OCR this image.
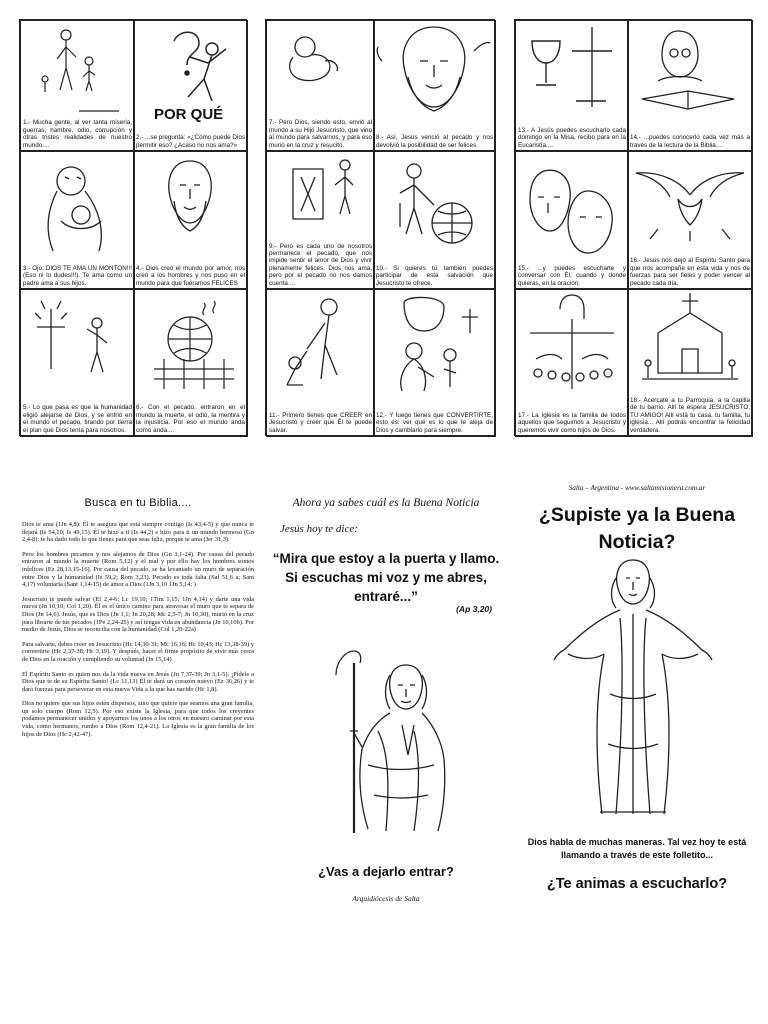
1.- Mucha gente, al ver tanta miseria, guerras, hambre, odio, corrupción y otras tristes realidades de nuestro mundo....
POR QUÉ
2.- ...se pregunta: «¿Cómo puede Dios permitir eso? ¿Acaso no nos ama?»
3.- Ojo: DIOS TE AMA UN MONTON!!! (Eso ni lo dudes!!!). Te ama como un padre ama a sus hijos.
4.- Dios creó el mundo por amor, nos creó a los hombres y nos puso en el mundo para que fuéramos FELICES
5.- Lo que pasa es que la humanidad eligió alejarse de Dios, y se enfrió en el mundo el pecado, tirando por tierra el plan que Dios tenía para nosotros.
6.- Con el pecado, entraron en el mundo la muerte, el odio, la mentira y la injusticia. Por eso el mundo anda como anda....
7.- Pero Dios, siendo esto, envió al mundo a su Hijo Jesucristo, que vino al mundo para salvarnos, y para eso murió en la cruz y resucitó.
8.- Así, Jesús venció al pecado y nos devolvió la posibilidad de ser felices.
9.- Pero es cada uno de nosotros permanece el pecado, que nos impide sentir el amor de Dios y vivir plenamente felices. Dios nos ama, pero por el pecado no nos damos cuenta....
10.- Si quieres tú también puedes participar de esta salvación que Jesucristo te ofrece.
11.- Primero tienes que CREER en Jesucristo y creer que Él te puede salvar.
12.- Y luego tienes que CONVERTIRTE, esto es: ver qué es lo que te aleja de Dios y cambiarlo para siempre.
13.- A Jesús puedes escucharlo cada domingo en la Misa, recibo para en la Eucaristía....
14.- ...puedes conocerlo cada vez más a través de la lectura de la Biblia....
15.- ...y puedes escucharte y conversar con Él, cuando y donde quieras, en la oración.
16.- Jesús nos dejó al Espíritu Santo para que nos acompañe en esta vida y nos de fuerzas para ser fieles y poder vencer al pecado cada día.
17.- La Iglesia es la familia de todos aquellos que seguimos a Jesucristo y queremos vivir como hijos de Dios.
18.- Acercate a tu Parroquia, a la capilla de tu barrio. Allí te espera JESUCRISTO, TU AMIGO! Allí está tu casa, tu familia, tu iglesia... Allí podrás encontrar la felicidad verdadera.
Busca en tu Biblia....

Dios te ama (1Jn 4,8): Él te asegura que está siempre contigo (Is 43,4-5) y que nunca te dejará (Is 54,10; Is 49,15). Él te hizo a ti (Is 44,2) e hizo para ti un mundo hermoso (Gn 2,4-8): te ha dado todo lo que tienes para que seas feliz, porque te ama (Jer 31,3).

Pero los hombres pecamos y nos alejamos de Dios (Gn 3,1-24). Por causa del pecado entraron al mundo la muerte (Rom 5,12) y el mal y por ello hay los hombres somos infelices (Ez 28,13.15-16). Por causa del pecado, se ha levantado un muro de separación entre Dios y la humanidad (Is 59,2; Rom 3,23). Pecado es toda falta (Sal 51,6 a; Sant 4,17) voluntaria (Sant 1,14-15) de amor a Dios (1Jn 3,10 1Jn 5,14; )

Jesucristo te puede salvar (Ef 2,4-6; Lc 19,10; 1Tim 1,15; 1Jn 4,14) y darte una vida nueva (Jn 10,10; Col 1,20). Él es el único camino para atravesar el muro que te separa de Dios (Jn 14,6). Jesús, que es Dios (Jn 1,1; Jn 20,28; Mc 2,5-7; Jn 10,30), murió en la cruz para librarte de tus pecados (1Pe 2,24-25) y así tengas vida en abundancia (Jn 10,10b). Por medio de Jesús, Dios se reconcilia con la humanidad (Col 1,20-22a)

Para salvarte, debes creer en Jesucristo (Hc 14,30-31; Mc 16,16; Hc 10,43; Hc 13,38-39) y convertirte (Hc 2,37-38; Hc 3,19). Y después, hacer el firme propósito de vivir más cerca de Dios en la oración y cumpliendo su voluntad (Jn 15,14)

El Espíritu Santo es quien nos da la vida nueva en Jesús (Jn 7,37-39; Jn 3,1-5). ¡Pídele a Dios que te de su Espíritu Santo! (Lc 11,13) Él te dará un corazón nuevo (Ez 36,26) y te dará fuerzas para perseverar en esta nueva Vida a la que has nacido (Hc 1,8).

Dios no quiere que sus hijos estén dispersos, sino que quiere que seamos una gran familia, un solo cuerpo (Rom 12,5). Por eso existe la Iglesia, para que todos los creyentes podamos permanecer unidos y apoyarnos los unos a los otros en nuestro caminar por esta vida, como hermanos, rumbo a Dios (Rom 12,4-21). La Iglesia es la gran familia de los hijos de Dios (Hc 2,42-47).

Ahora ya sabes cuál es la Buena Noticia
Jesús hoy te dice:
“Mira que estoy a la puerta y llamo. Si escuchas mi voz y me abres, entraré...”
(Ap 3,20)
¿Vas a dejarlo entrar?
Arquidiócesis de Salta
Salta – Argentina - www.saltamisionera.com.ar
¿Supiste ya la Buena Noticia?
Dios habla de muchas maneras. Tal vez hoy te está llamando a través de este folletito...
¿Te animas a escucharlo?
